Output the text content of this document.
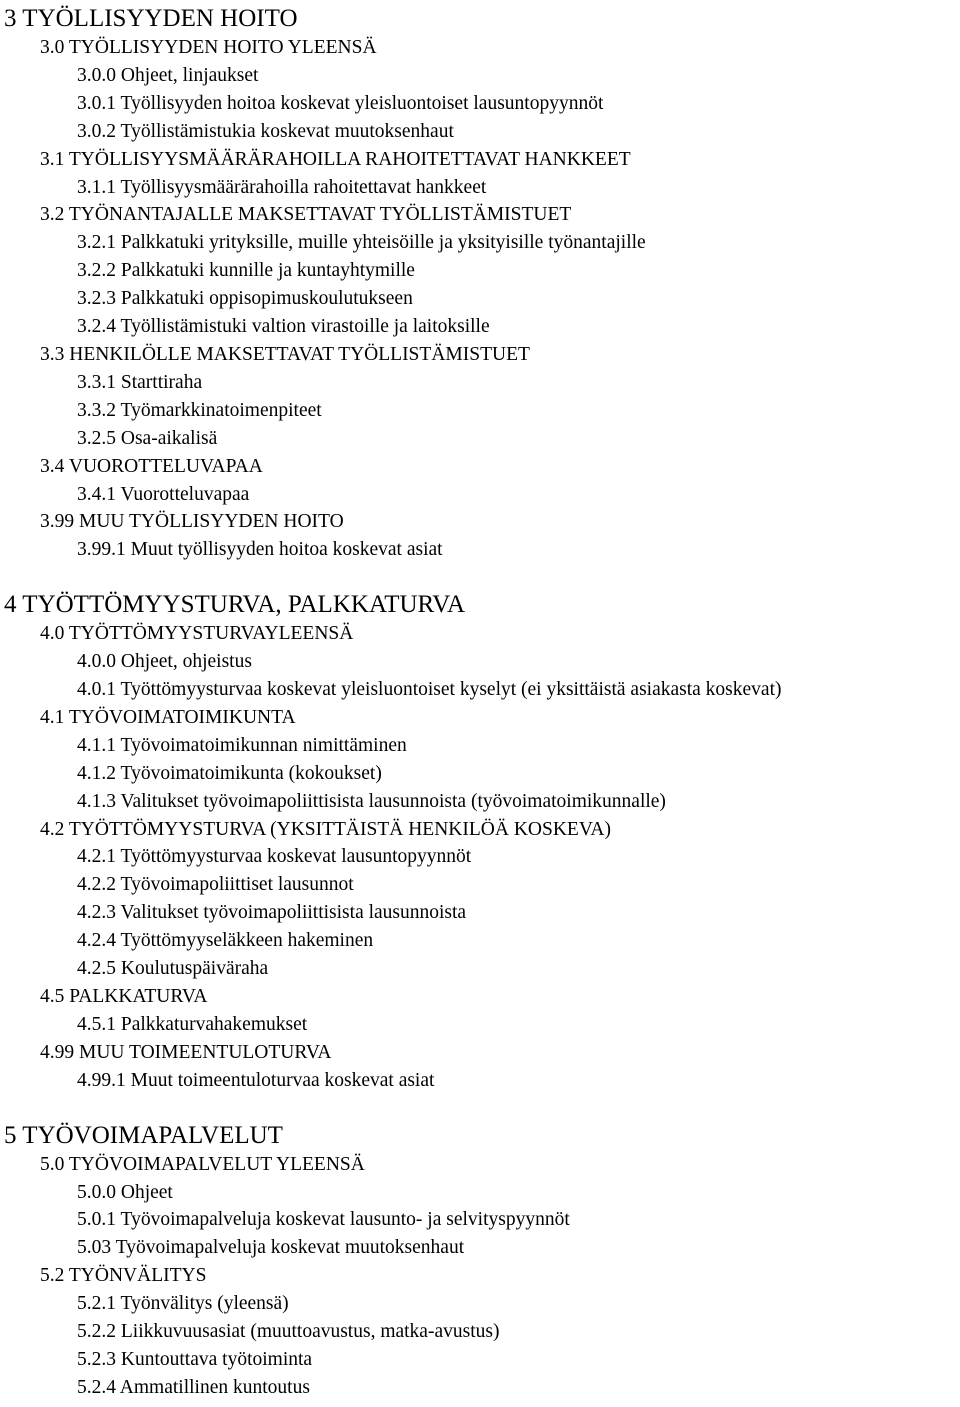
3 TYÖLLISYYDEN HOITO
3.0 TYÖLLISYYDEN HOITO YLEENSÄ
3.0.0 Ohjeet, linjaukset
3.0.1 Työllisyyden hoitoa koskevat yleisluontoiset lausuntopyynnöt
3.0.2 Työllistämistukia koskevat muutoksenhaut
3.1 TYÖLLISYYSMÄÄRÄRAHOILLA RAHOITETTAVAT HANKKEET
3.1.1 Työllisyysmäärärahoilla rahoitettavat hankkeet
3.2 TYÖNANTAJALLE MAKSETTAVAT TYÖLLISTÄMISTUET
3.2.1 Palkkatuki yrityksille, muille yhteisöille ja yksityisille työnantajille
3.2.2 Palkkatuki kunnille ja kuntayhtymille
3.2.3 Palkkatuki oppisopimuskoulutukseen
3.2.4 Työllistämistuki valtion virastoille ja laitoksille
3.3 HENKILÖLLE MAKSETTAVAT TYÖLLISTÄMISTUET
3.3.1 Starttiraha
3.3.2 Työmarkkinatoimenpiteet
3.2.5 Osa-aikalisä
3.4 VUOROTTELUVAPAA
3.4.1 Vuorotteluvapaa
3.99 MUU TYÖLLISYYDEN HOITO
3.99.1 Muut työllisyyden hoitoa koskevat asiat
4 TYÖTTÖMYYSTURVA, PALKKATURVA
4.0 TYÖTTÖMYYSTURVAYLEENSÄ
4.0.0 Ohjeet, ohjeistus
4.0.1 Työttömyysturvaa koskevat yleisluontoiset kyselyt (ei yksittäistä asiakasta koskevat)
4.1 TYÖVOIMATOIMIKUNTA
4.1.1 Työvoimatoimikunnan nimittäminen
4.1.2 Työvoimatoimikunta (kokoukset)
4.1.3 Valitukset työvoimapoliittisista lausunnoista (työvoimatoimikunnalle)
4.2 TYÖTTÖMYYSTURVA (YKSITTÄISTÄ HENKILÖÄ KOSKEVA)
4.2.1 Työttömyysturvaa koskevat lausuntopyynnöt
4.2.2 Työvoimapoliittiset lausunnot
4.2.3 Valitukset työvoimapoliittisista lausunnoista
4.2.4 Työttömyyseläkkeen hakeminen
4.2.5 Koulutuspäiväraha
4.5 PALKKATURVA
4.5.1 Palkkaturvahakemukset
4.99 MUU TOIMEENTULOTURVA
4.99.1 Muut toimeentuloturvaa koskevat asiat
5 TYÖVOIMAPALVELUT
5.0 TYÖVOIMAPALVELUT YLEENSÄ
5.0.0 Ohjeet
5.0.1 Työvoimapalveluja koskevat lausunto- ja selvityspyynnöt
5.03 Työvoimapalveluja koskevat muutoksenhaut
5.2 TYÖNVÄLITYS
5.2.1 Työnvälitys (yleensä)
5.2.2 Liikkuvuusasiat (muuttoavustus, matka-avustus)
5.2.3 Kuntouttava työtoiminta
5.2.4 Ammatillinen kuntoutus
